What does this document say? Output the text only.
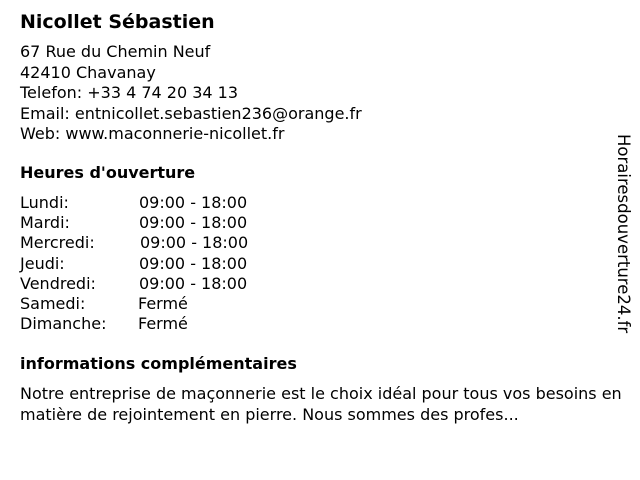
Nicollet Sébastien
67 Rue du Chemin Neuf
42410 Chavanay
Telefon: +33 4 74 20 34 13
Email: entnicollet.sebastien236@orange.fr
Web: www.maconnerie-nicollet.fr
Heures d'ouverture
Lundi:	09:00 - 18:00
Mardi:	09:00 - 18:00
Mercredi:	09:00 - 18:00
Jeudi:	09:00 - 18:00
Vendredi:	09:00 - 18:00
Samedi:	Fermé
Dimanche: Fermé
informations complémentaires
Notre entreprise de maçonnerie est le choix idéal pour tous vos besoins en matière de rejointement en pierre. Nous sommes des profes...
Horairesdouverture24.fr
